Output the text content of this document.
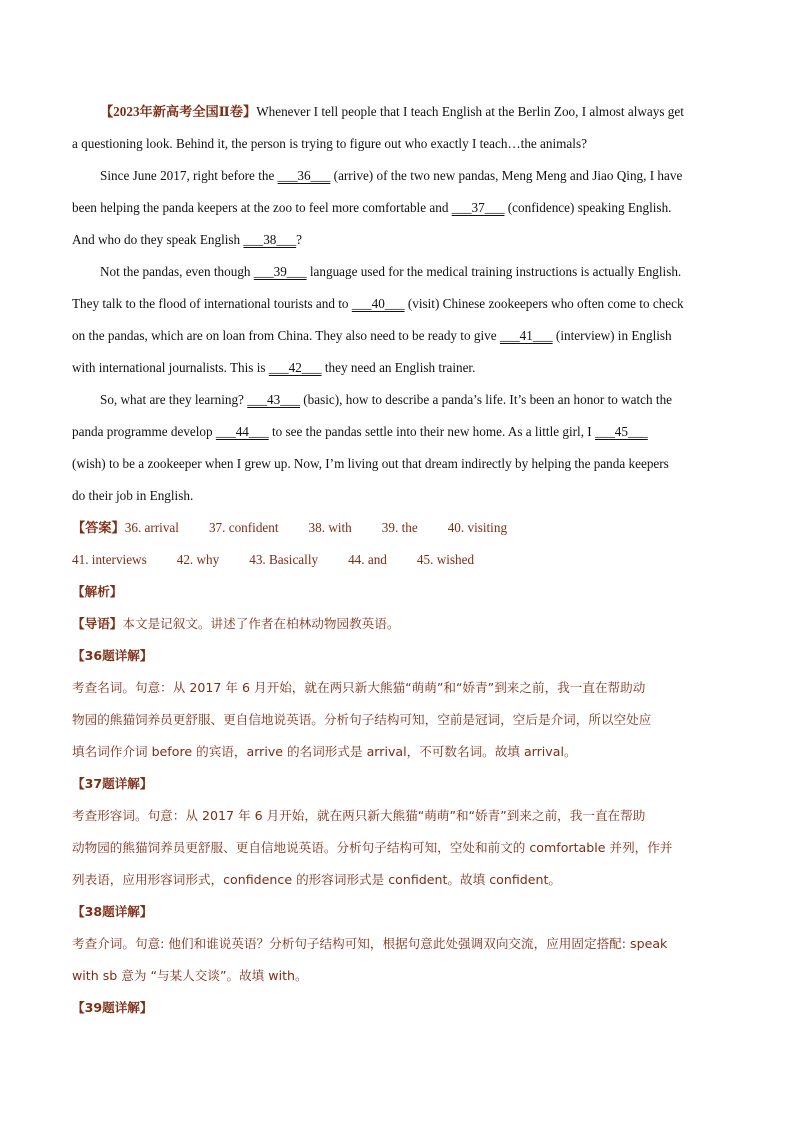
【2023年新高考全国Ⅱ卷】Whenever I tell people that I teach English at the Berlin Zoo, I almost always get
a questioning look. Behind it, the person is trying to figure out who exactly I teach…the animals?
Since June 2017, right before the ___36___ (arrive) of the two new pandas, Meng Meng and Jiao Qing, I have
been helping the panda keepers at the zoo to feel more comfortable and ___37___ (confidence) speaking English.
And who do they speak English ___38___?
Not the pandas, even though ___39___ language used for the medical training instructions is actually English.
They talk to the flood of international tourists and to ___40___ (visit) Chinese zookeepers who often come to check
on the pandas, which are on loan from China. They also need to be ready to give ___41___ (interview) in English
with international journalists. This is ___42___ they need an English trainer.
So, what are they learning? ___43___ (basic), how to describe a panda’s life. It’s been an honor to watch the
panda programme develop ___44___ to see the pandas settle into their new home. As a little girl, I ___45___
(wish) to be a zookeeper when I grew up. Now, I’m living out that dream indirectly by helping the panda keepers
do their job in English.
【答案】36. arrival 37. confident 38. with 39. the 40. visiting
41. interviews 42. why 43. Basically 44. and 45. wished
【解析】
【导语】本文是记叙文。讲述了作者在柏林动物园教英语。
【36题详解】
考查名词。句意：从 2017 年 6 月开始，就在两只新大熊猫“萌萌”和“娇青”到来之前，我一直在帮助动
物园的熊猫饲养员更舒服、更自信地说英语。分析句子结构可知，空前是冠词，空后是介词，所以空处应
填名词作介词 before 的宾语，arrive 的名词形式是 arrival，不可数名词。故填 arrival。
【37题详解】
考查形容词。句意：从 2017 年 6 月开始，就在两只新大熊猫“萌萌”和“娇青”到来之前，我一直在帮助
动物园的熊猫饲养员更舒服、更自信地说英语。分析句子结构可知，空处和前文的 comfortable 并列，作并
列表语，应用形容词形式，confidence 的形容词形式是 confident。故填 confident。
【38题详解】
考查介词。句意: 他们和谁说英语？分析句子结构可知，根据句意此处强调双向交流，应用固定搭配: speak
with sb 意为 “与某人交谈”。故填 with。
【39题详解】
